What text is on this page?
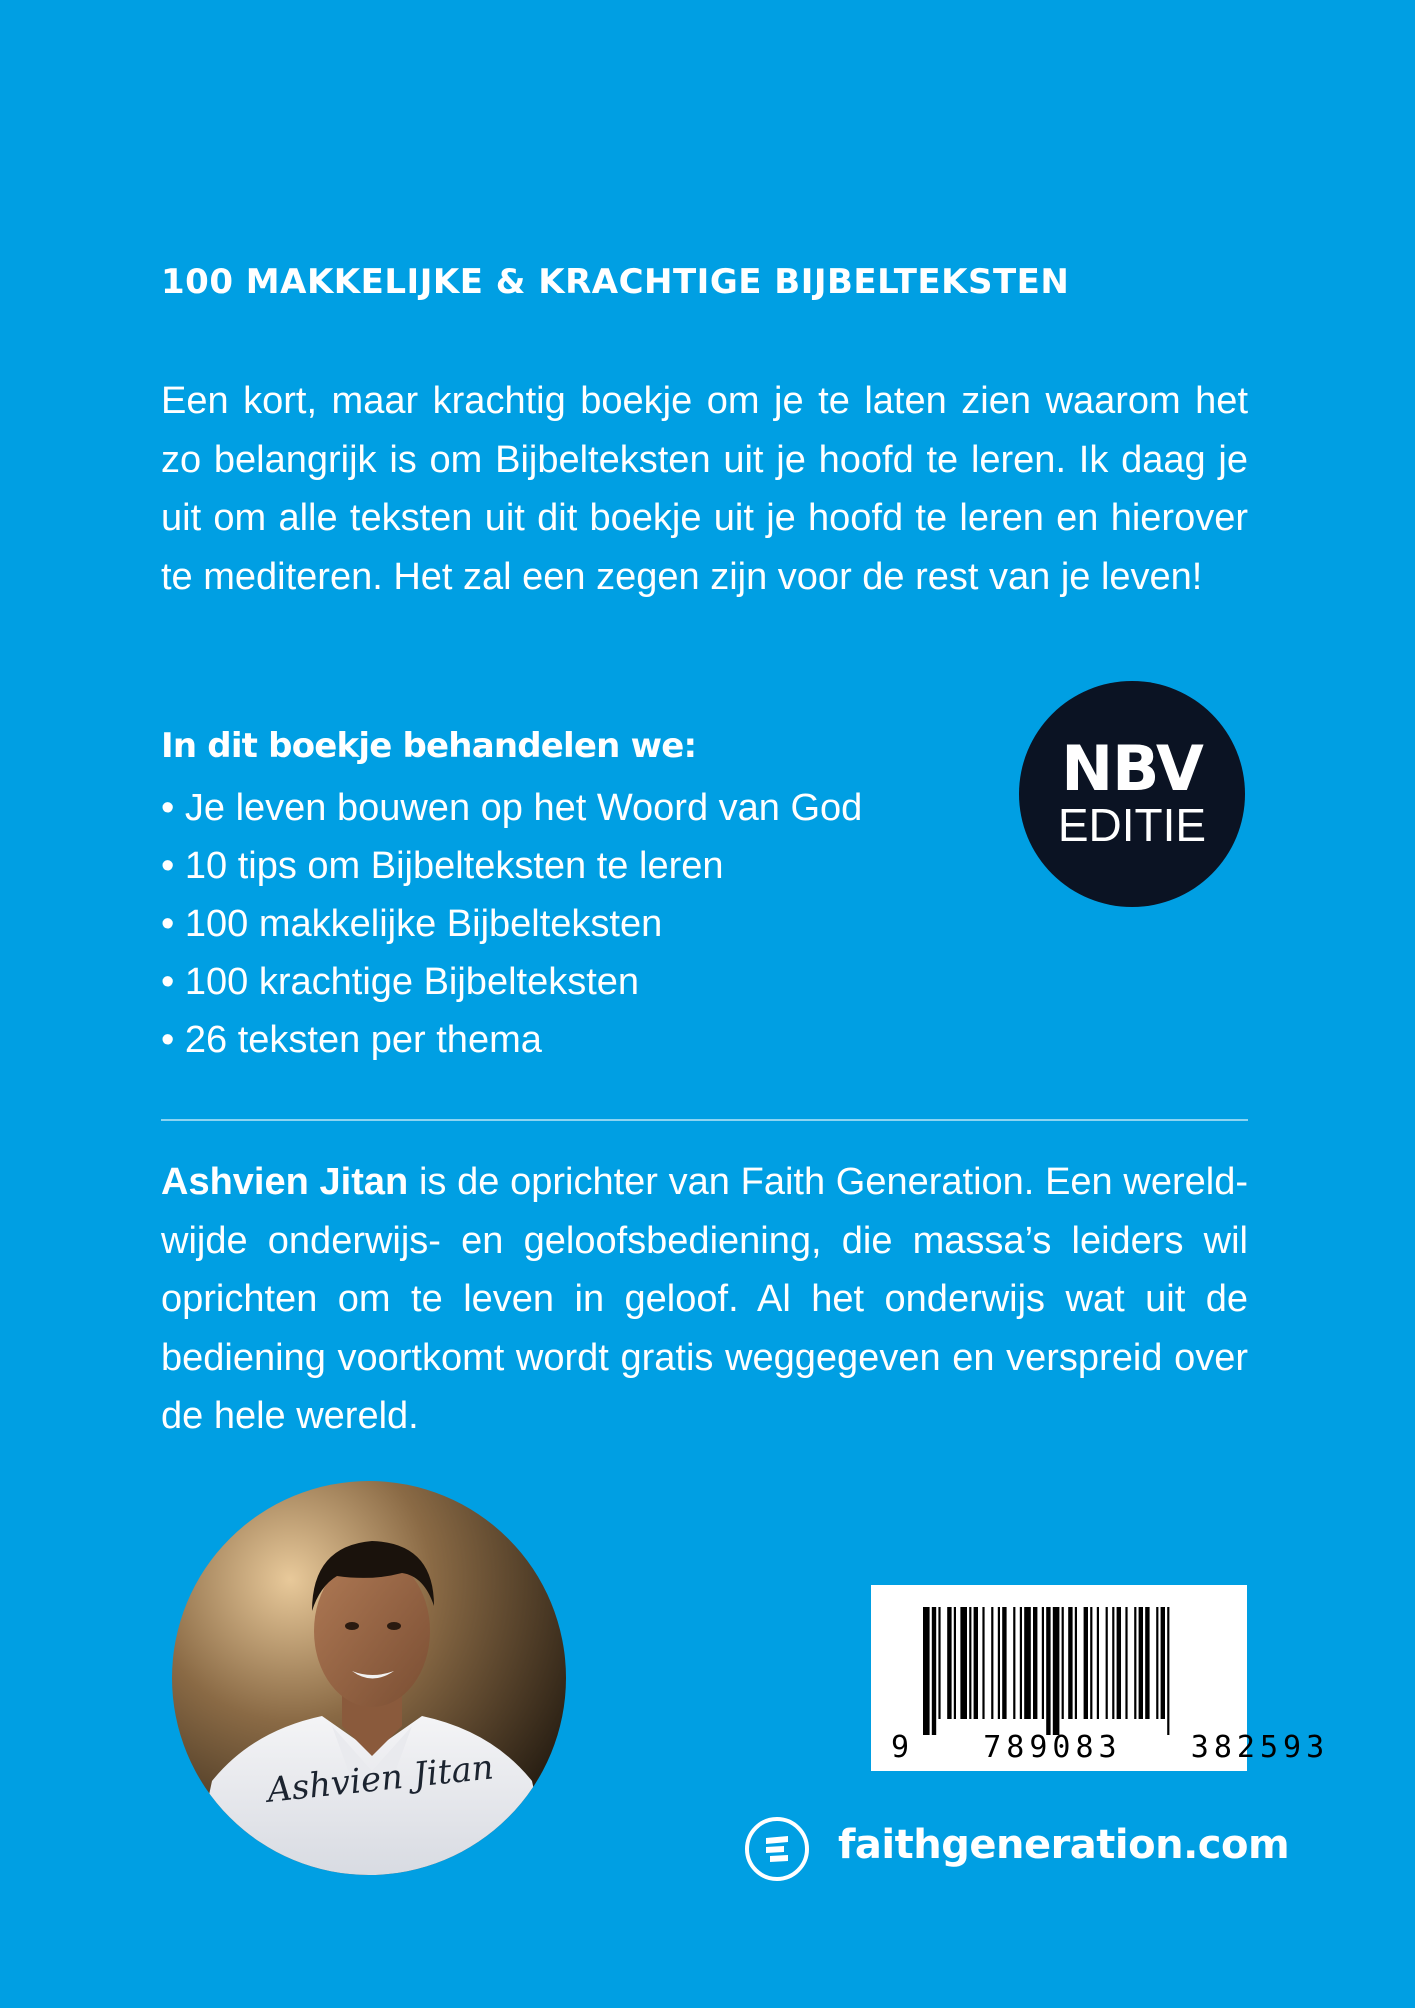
100 MAKKELIJKE & KRACHTIGE BIJBELTEKSTEN
Een kort, maar krachtig boekje om je te laten zien waarom het zo belangrijk is om Bijbelteksten uit je hoofd te leren. Ik daag je uit om alle teksten uit dit boekje uit je hoofd te leren en hierover te mediteren. Het zal een zegen zijn voor de rest van je leven!
In dit boekje behandelen we:
• Je leven bouwen op het Woord van God
• 10 tips om Bijbelteksten te leren
• 100 makkelijke Bijbelteksten
• 100 krachtige Bijbelteksten
• 26 teksten per thema
NBV
EDITIE
Ashvien Jitan is de oprichter van Faith Generation. Een wereld-wijde onderwijs- en geloofsbediening, die massa’s leiders wil oprichten om te leven in geloof. Al het onderwijs wat uit de bediening voortkomt wordt gratis weggegeven en verspreid over de hele wereld.
Ashvien Jitan	9   789083   382593
faithgeneration.com
